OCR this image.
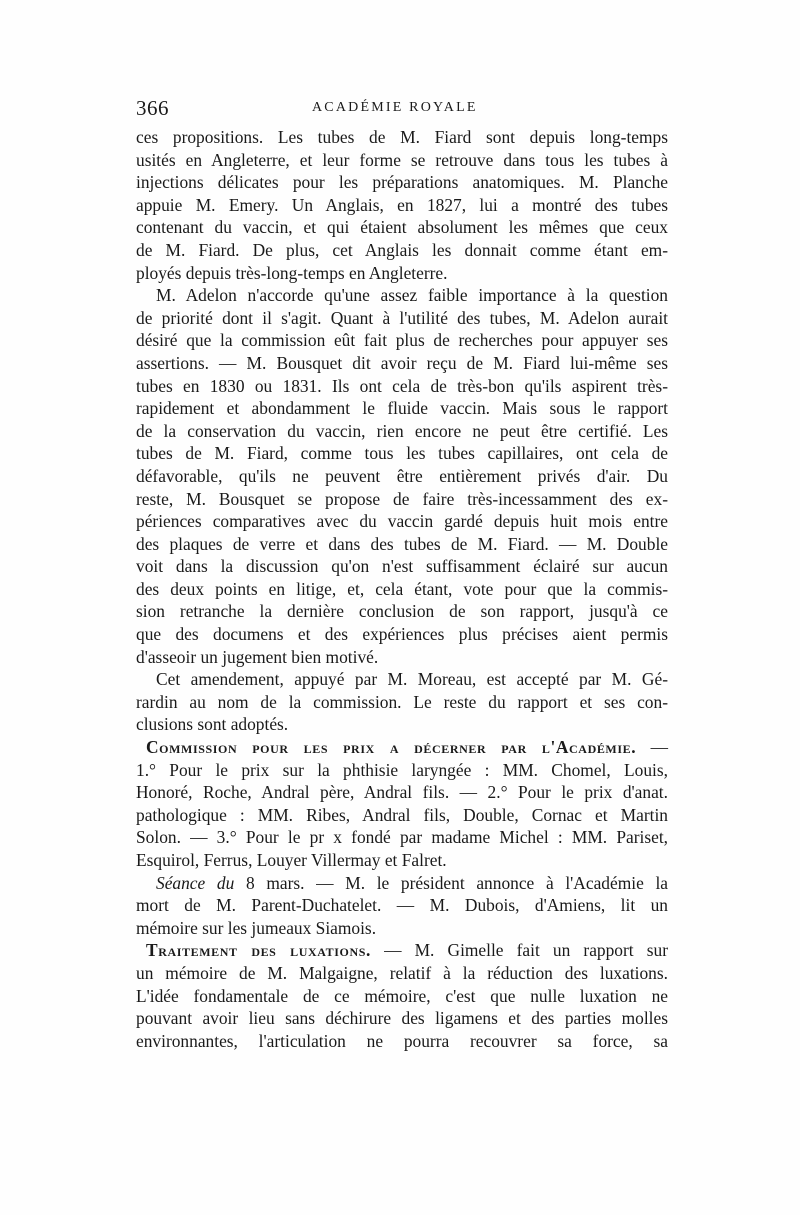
366	ACADÉMIE ROYALE
ces propositions. Les tubes de M. Fiard sont depuis long-temps
usités en Angleterre, et leur forme se retrouve dans tous les tubes à
injections délicates pour les préparations anatomiques. M. Planche
appuie M. Emery. Un Anglais, en 1827, lui a montré des tubes
contenant du vaccin, et qui étaient absolument les mêmes que ceux
de M. Fiard. De plus, cet Anglais les donnait comme étant em-
ployés depuis très-long-temps en Angleterre.
M. Adelon n'accorde qu'une assez faible importance à la question
de priorité dont il s'agit. Quant à l'utilité des tubes, M. Adelon aurait
désiré que la commission eût fait plus de recherches pour appuyer ses
assertions. — M. Bousquet dit avoir reçu de M. Fiard lui-même ses
tubes en 1830 ou 1831. Ils ont cela de très-bon qu'ils aspirent très-
rapidement et abondamment le fluide vaccin. Mais sous le rapport
de la conservation du vaccin, rien encore ne peut être certifié. Les
tubes de M. Fiard, comme tous les tubes capillaires, ont cela de
défavorable, qu'ils ne peuvent être entièrement privés d'air. Du
reste, M. Bousquet se propose de faire très-incessamment des ex-
périences comparatives avec du vaccin gardé depuis huit mois entre
des plaques de verre et dans des tubes de M. Fiard. — M. Double
voit dans la discussion qu'on n'est suffisamment éclairé sur aucun
des deux points en litige, et, cela étant, vote pour que la commis-
sion retranche la dernière conclusion de son rapport, jusqu'à ce
que des documens et des expériences plus précises aient permis
d'asseoir un jugement bien motivé.
Cet amendement, appuyé par M. Moreau, est accepté par M. Gé-
rardin au nom de la commission. Le reste du rapport et ses con-
clusions sont adoptés.
Commission pour les prix a décerner par l'Académie. —
1.° Pour le prix sur la phthisie laryngée : MM. Chomel, Louis,
Honoré, Roche, Andral père, Andral fils. — 2.° Pour le prix d'anat.
pathologique : MM. Ribes, Andral fils, Double, Cornac et Martin
Solon. — 3.° Pour le pr x fondé par madame Michel : MM. Pariset,
Esquirol, Ferrus, Louyer Villermay et Falret.
Séance du 8 mars. — M. le président annonce à l'Académie la
mort de M. Parent-Duchatelet. — M. Dubois, d'Amiens, lit un
mémoire sur les jumeaux Siamois.
Traitement des luxations. — M. Gimelle fait un rapport sur
un mémoire de M. Malgaigne, relatif à la réduction des luxations.
L'idée fondamentale de ce mémoire, c'est que nulle luxation ne
pouvant avoir lieu sans déchirure des ligamens et des parties molles
environnantes, l'articulation ne pourra recouvrer sa force, sa
